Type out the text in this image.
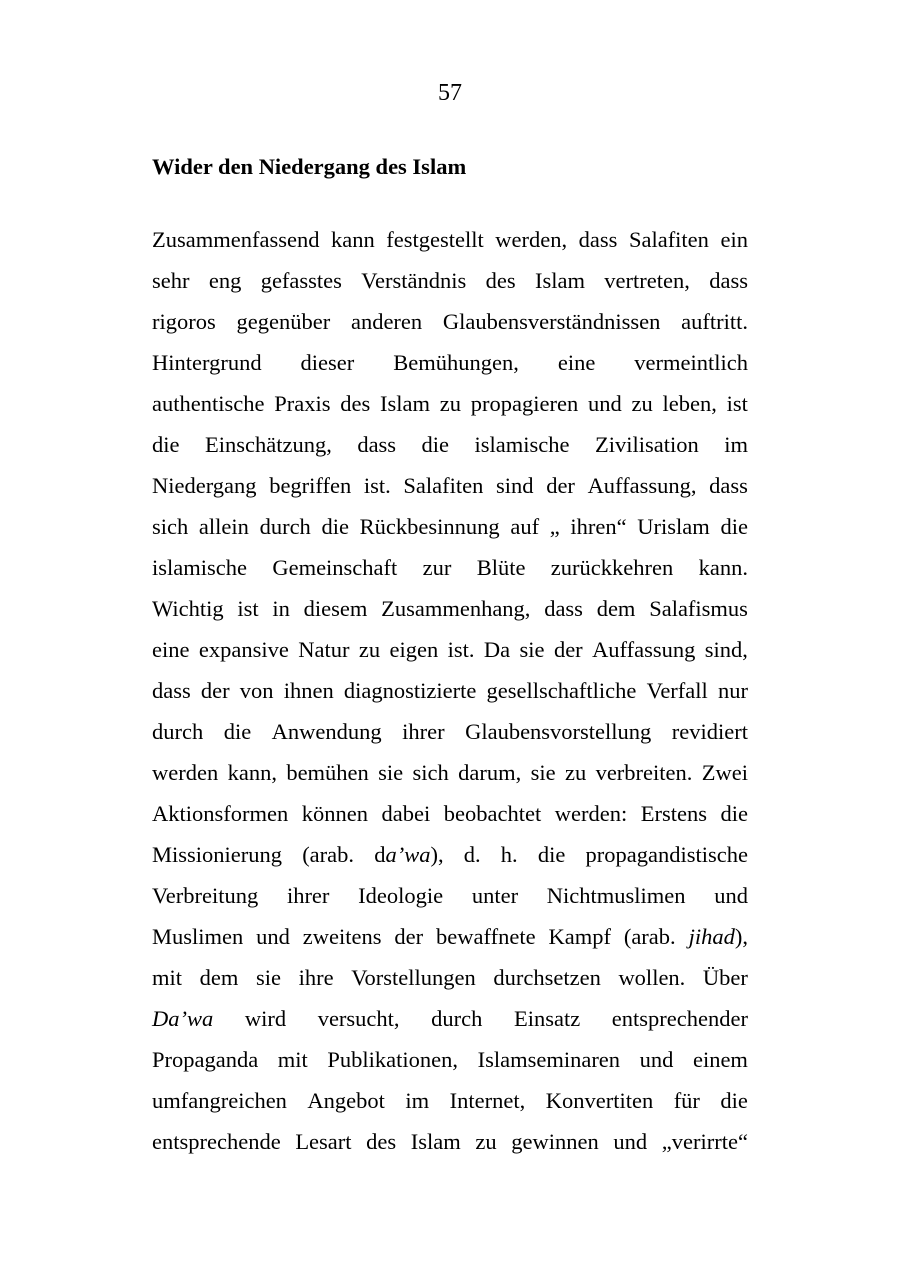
57
Wider den Niedergang des Islam
Zusammenfassend kann festgestellt werden, dass Salafiten ein
sehr eng gefasstes Verständnis des Islam vertreten, dass
rigoros gegenüber anderen Glaubensverständnissen auftritt.
Hintergrund dieser Bemühungen, eine vermeintlich
authentische Praxis des Islam zu propagieren und zu leben, ist
die Einschätzung, dass die islamische Zivilisation im
Niedergang begriffen ist. Salafiten sind der Auffassung, dass
sich allein durch die Rückbesinnung auf „ ihren“ Urislam die
islamische Gemeinschaft zur Blüte zurückkehren kann.
Wichtig ist in diesem Zusammenhang, dass dem Salafismus
eine expansive Natur zu eigen ist. Da sie der Auffassung sind,
dass der von ihnen diagnostizierte gesellschaftliche Verfall nur
durch die Anwendung ihrer Glaubensvorstellung revidiert
werden kann, bemühen sie sich darum, sie zu verbreiten. Zwei
Aktionsformen können dabei beobachtet werden: Erstens die
Missionierung (arab. da’wa), d. h. die propagandistische
Verbreitung ihrer Ideologie unter Nichtmuslimen und
Muslimen und zweitens der bewaffnete Kampf (arab. jihad),
mit dem sie ihre Vorstellungen durchsetzen wollen. Über
Da’wa wird versucht, durch Einsatz entsprechender
Propaganda mit Publikationen, Islamseminaren und einem
umfangreichen Angebot im Internet, Konvertiten für die
entsprechende Lesart des Islam zu gewinnen und „verirrte“
